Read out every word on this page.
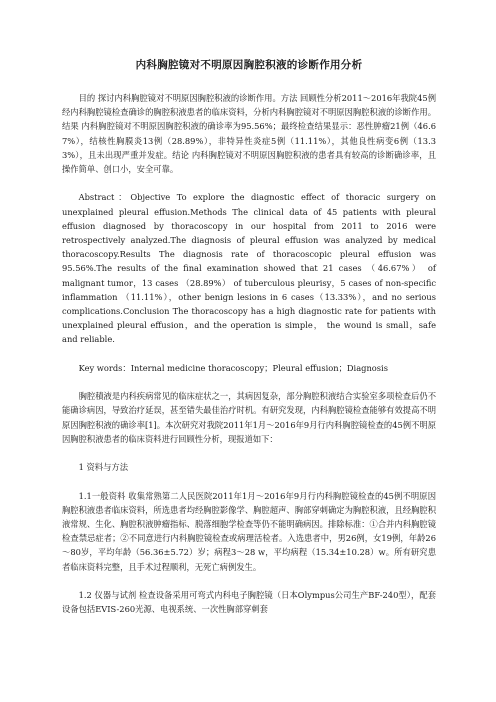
内科胸腔镜对不明原因胸腔积液的诊断作用分析

目的 探讨内科胸腔镜对不明原因胸腔积液的诊断作用。方法 回顾性分析2011～2016年我院45例经内科胸腔镜检查确诊的胸腔积液患者的临床资料，分析内科胸腔镜对不明原因胸腔积液的诊断作用。结果 内科胸腔镜对不明原因胸腔积液的确诊率为95.56%；最终检查结果显示：恶性肿瘤21例（46.67%），结核性胸膜炎13例（28.89%），非特异性炎症5例（11.11%），其他良性病变6例（13.33%），且未出现严重并发症。结论 内科胸腔镜对不明原因胸腔积液的患者具有较高的诊断确诊率，且操作简单、创口小，安全可靠。

Abstract：Objective To explore the diagnostic effect of thoracic surgery on unexplained pleural effusion.Methods The clinical data of 45 patients with pleural effusion diagnosed by thoracoscopy in our hospital from 2011 to 2016 were retrospectively analyzed.The diagnosis of pleural effusion was analyzed by medical thoracoscopy.Results The diagnosis rate of thoracoscopic pleural effusion was 95.56%.The results of the final examination showed that 21 cases （46.67%） of malignant tumor，13 cases （28.89%） of tuberculous pleurisy，5 cases of non-specific inflammation （11.11%），other benign lesions in 6 cases（13.33%），and no serious complications.Conclusion The thoracoscopy has a high diagnostic rate for patients with unexplained pleural effusion，and the operation is simple， the wound is small，safe and reliable.

Key words：Internal medicine thoracoscopy；Pleural effusion；Diagnosis

胸腔積液是内科疾病常见的临床症状之一，其病因复杂，部分胸腔积液结合实验室多项检查后仍不能确诊病因，导致治疗延误，甚至错失最佳治疗时机。有研究发现，内科胸腔镜检查能够有效提高不明原因胸腔积液的确诊率[1]。本次研究对我院2011年1月～2016年9月行内科胸腔镜检查的45例不明原因胸腔积液患者的临床资料进行回顾性分析，现报道如下：

1 资料与方法

1.1一般资料 收集常熟第二人民医院2011年1月～2016年9月行内科胸腔镜检查的45例不明原因胸腔积液患者临床资料，所选患者均经胸腔影像学、胸腔超声、胸部穿刺确定为胸腔积液，且经胸腔积液常规、生化、胸腔积液肿瘤指标、脱落细胞学检查等仍不能明确病因。排除标准：①合并内科胸腔镜检查禁忌症者；②不同意进行内科胸腔镜检查或病理活检者。入选患者中，男26例，女19例，年龄26～80岁，平均年龄（56.36±5.72）岁；病程3～28 w，平均病程（15.34±10.28）w。所有研究患者临床资料完整，且手术过程顺利，无死亡病例发生。

1.2 仪器与试剂 检查设备采用可弯式内科电子胸腔镜（日本Olympus公司生产BF-240型），配套设备包括EVIS-260光源、电视系统、一次性胸部穿刺套
